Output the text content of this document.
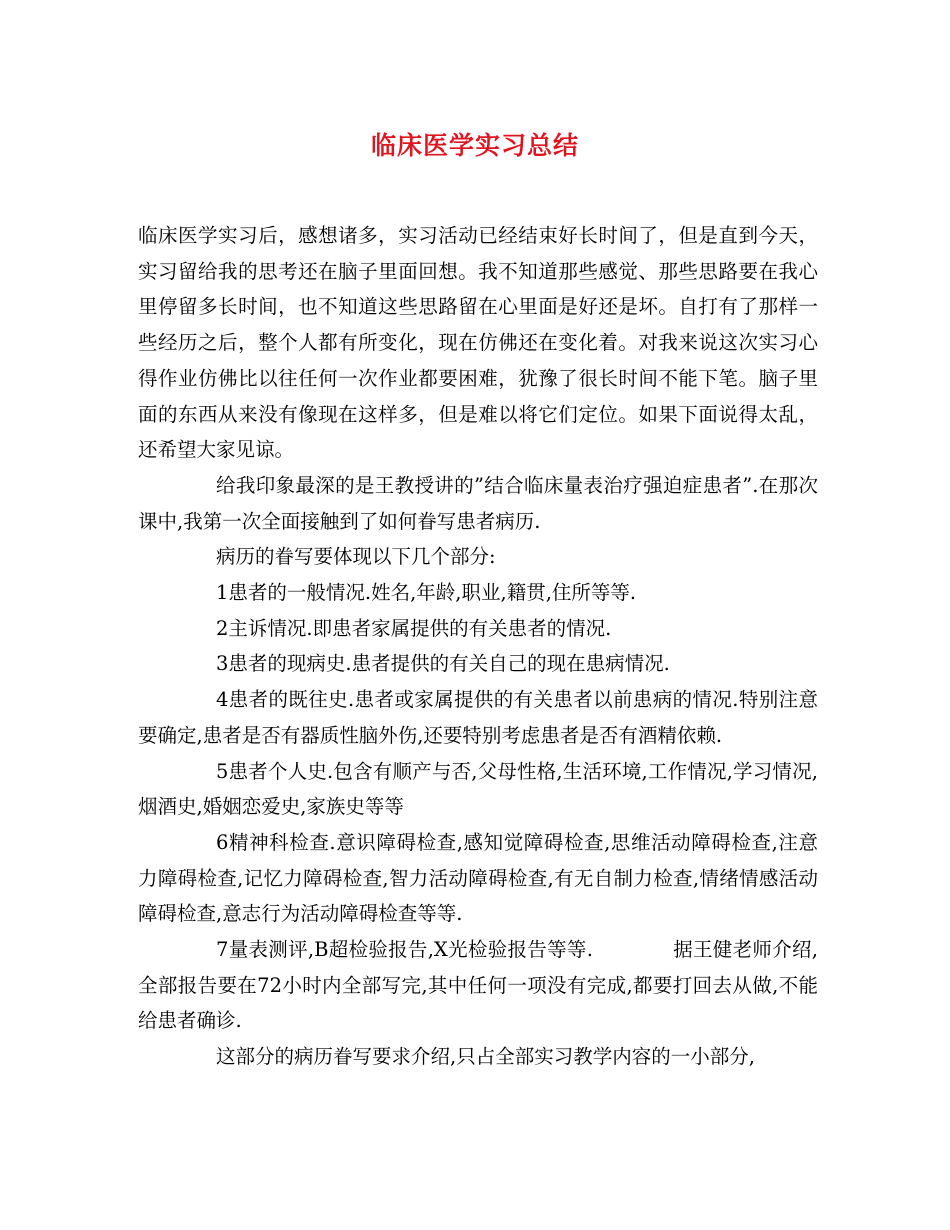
临床医学实习总结

临床医学实习后，感想诸多，实习活动已经结束好长时间了，但是直到今天，实习留给我的思考还在脑子里面回想。我不知道那些感觉、那些思路要在我心里停留多长时间，也不知道这些思路留在心里面是好还是坏。自打有了那样一些经历之后，整个人都有所变化，现在仿佛还在变化着。对我来说这次实习心得作业仿佛比以往任何一次作业都要困难，犹豫了很长时间不能下笔。脑子里面的东西从来没有像现在这样多，但是难以将它们定位。如果下面说得太乱，还希望大家见谅。

给我印象最深的是王教授讲的”结合临床量表治疗强迫症患者”.在那次课中,我第一次全面接触到了如何眷写患者病历.

病历的眷写要体现以下几个部分:

1患者的一般情况.姓名,年龄,职业,籍贯,住所等等.

2主诉情况.即患者家属提供的有关患者的情况.

3患者的现病史.患者提供的有关自己的现在患病情况.

4患者的既往史.患者或家属提供的有关患者以前患病的情况.特别注意要确定,患者是否有器质性脑外伤,还要特别考虑患者是否有酒精依赖.

5患者个人史.包含有顺产与否,父母性格,生活环境,工作情况,学习情况,烟酒史,婚姻恋爱史,家族史等等

6精神科检查.意识障碍检查,感知觉障碍检查,思维活动障碍检查,注意力障碍检查,记忆力障碍检查,智力活动障碍检查,有无自制力检查,情绪情感活动障碍检查,意志行为活动障碍检查等等.

7量表测评,B超检验报告,X光检验报告等等.	据王健老师介绍,全部报告要在72小时内全部写完,其中任何一项没有完成,都要打回去从做,不能给患者确诊.

这部分的病历眷写要求介绍,只占全部实习教学内容的一小部分,
